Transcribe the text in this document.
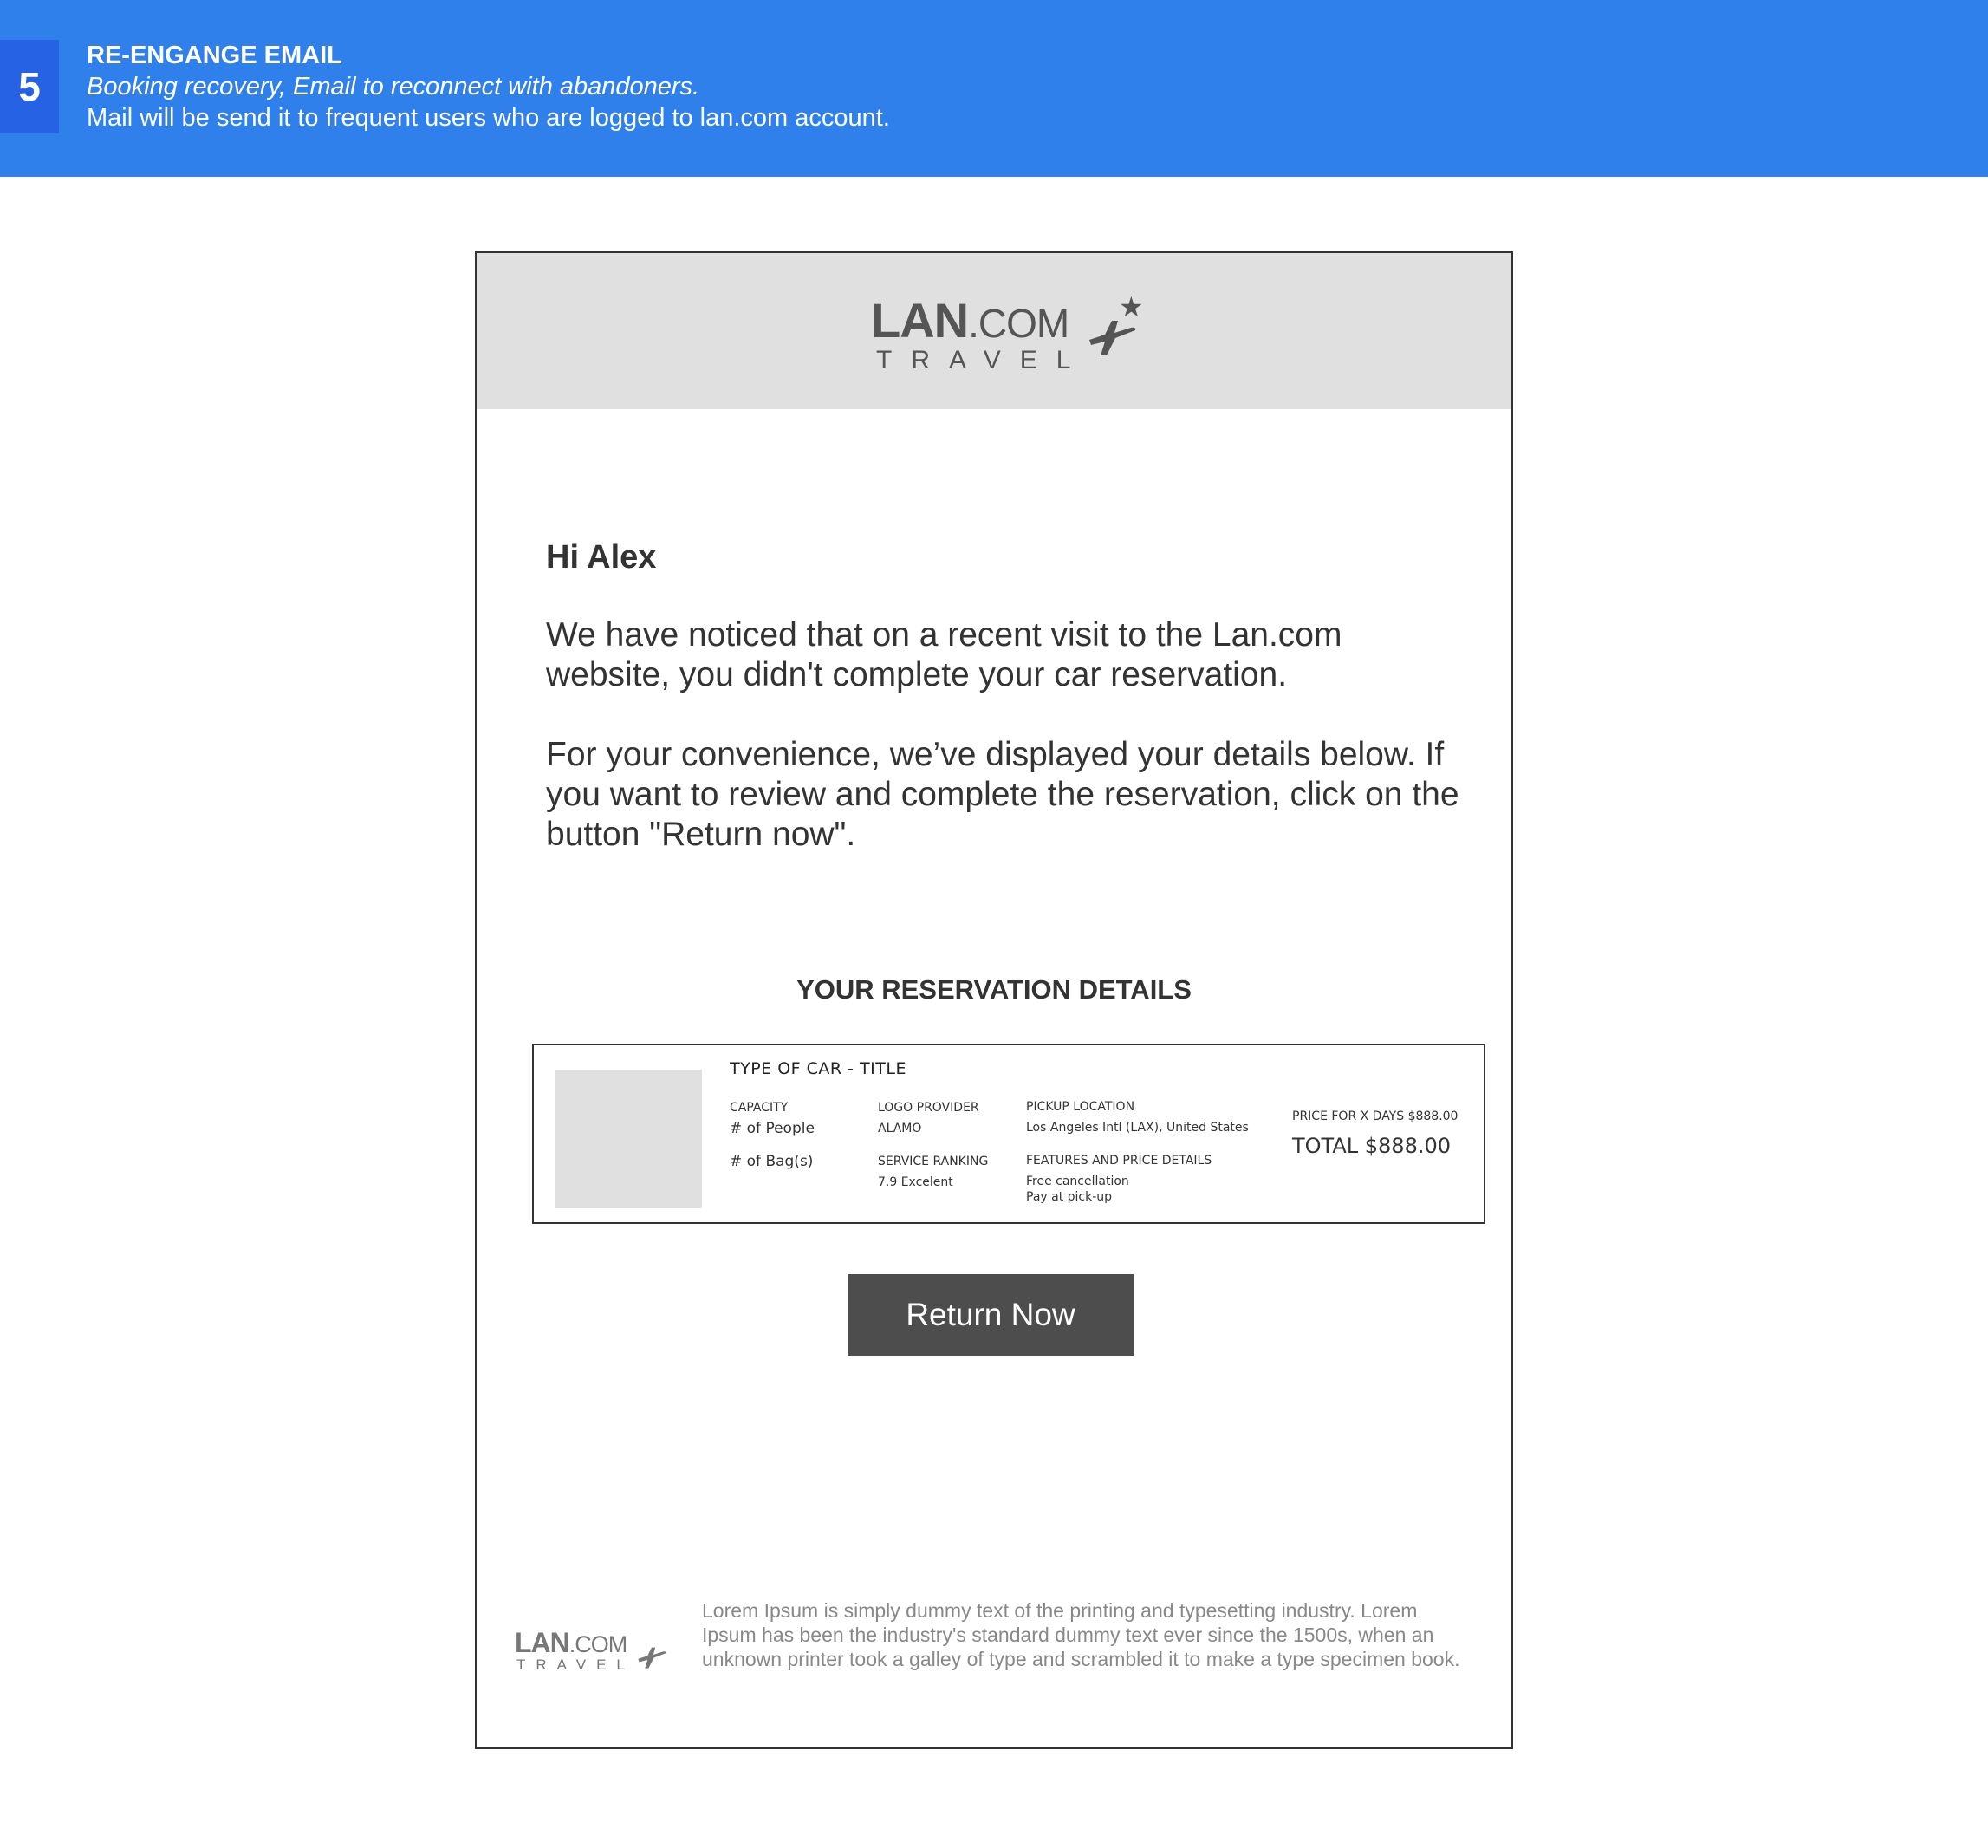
5
RE-ENGANGE EMAIL
Booking recovery, Email to reconnect with abandoners.
Mail will be send it to frequent users who are logged to lan.com account.
LAN.COM
TRAVEL
★
Hi Alex
We have noticed that on a recent visit to the Lan.com website, you didn't complete your car reservation.
For your convenience, we’ve displayed your details below. If you want to review and complete the reservation, click on the button "Return now".
YOUR RESERVATION DETAILS
TYPE OF CAR - TITLE
CAPACITY
# of People
# of Bag(s)
LOGO PROVIDER
ALAMO
SERVICE RANKING
7.9 Excelent
PICKUP LOCATION
Los Angeles Intl (LAX), United States
FEATURES AND PRICE DETAILS
Free cancellation
Pay at pick-up
PRICE FOR X DAYS $888.00
TOTAL $888.00
Return Now
LAN.COM
TRAVEL
Lorem Ipsum is simply dummy text of the printing and typesetting industry. Lorem Ipsum has been the industry's standard dummy text ever since the 1500s, when an unknown printer took a galley of type and scrambled it to make a type specimen book.
